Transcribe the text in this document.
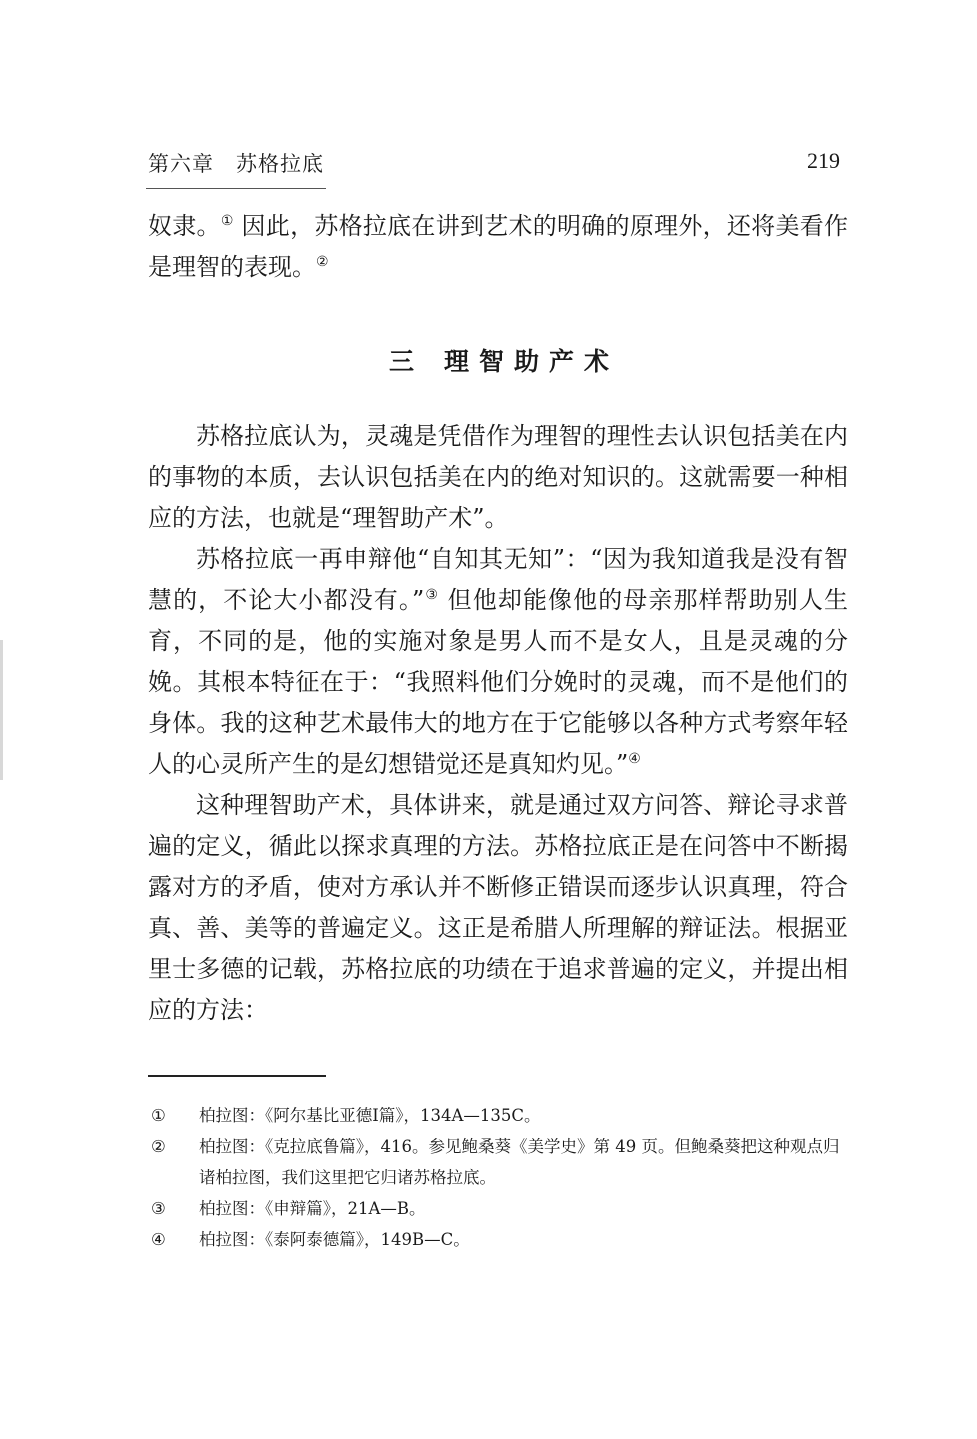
第六章　苏格拉底	219

奴隶。① 因此，苏格拉底在讲到艺术的明确的原理外，还将美看作是理智的表现。②

三 理智助产术

苏格拉底认为，灵魂是凭借作为理智的理性去认识包括美在内的事物的本质，去认识包括美在内的绝对知识的。这就需要一种相应的方法，也就是“理智助产术”。

苏格拉底一再申辩他“自知其无知”：“因为我知道我是没有智慧的，不论大小都没有。”③ 但他却能像他的母亲那样帮助别人生育，不同的是，他的实施对象是男人而不是女人，且是灵魂的分娩。其根本特征在于：“我照料他们分娩时的灵魂，而不是他们的身体。我的这种艺术最伟大的地方在于它能够以各种方式考察年轻人的心灵所产生的是幻想错觉还是真知灼见。”④

这种理智助产术，具体讲来，就是通过双方问答、辩论寻求普遍的定义，循此以探求真理的方法。苏格拉底正是在问答中不断揭露对方的矛盾，使对方承认并不断修正错误而逐步认识真理，符合真、善、美等的普遍定义。这正是希腊人所理解的辩证法。根据亚里士多德的记载，苏格拉底的功绩在于追求普遍的定义，并提出相应的方法：

①	柏拉图：《阿尔基比亚德Ⅰ篇》，134A—135C。

②	柏拉图：《克拉底鲁篇》，416。参见鲍桑葵《美学史》第 49 页。但鲍桑葵把这种观点归诸柏拉图，我们这里把它归诸苏格拉底。

③	柏拉图：《申辩篇》，21A—B。

④	柏拉图：《泰阿泰德篇》，149B—C。
